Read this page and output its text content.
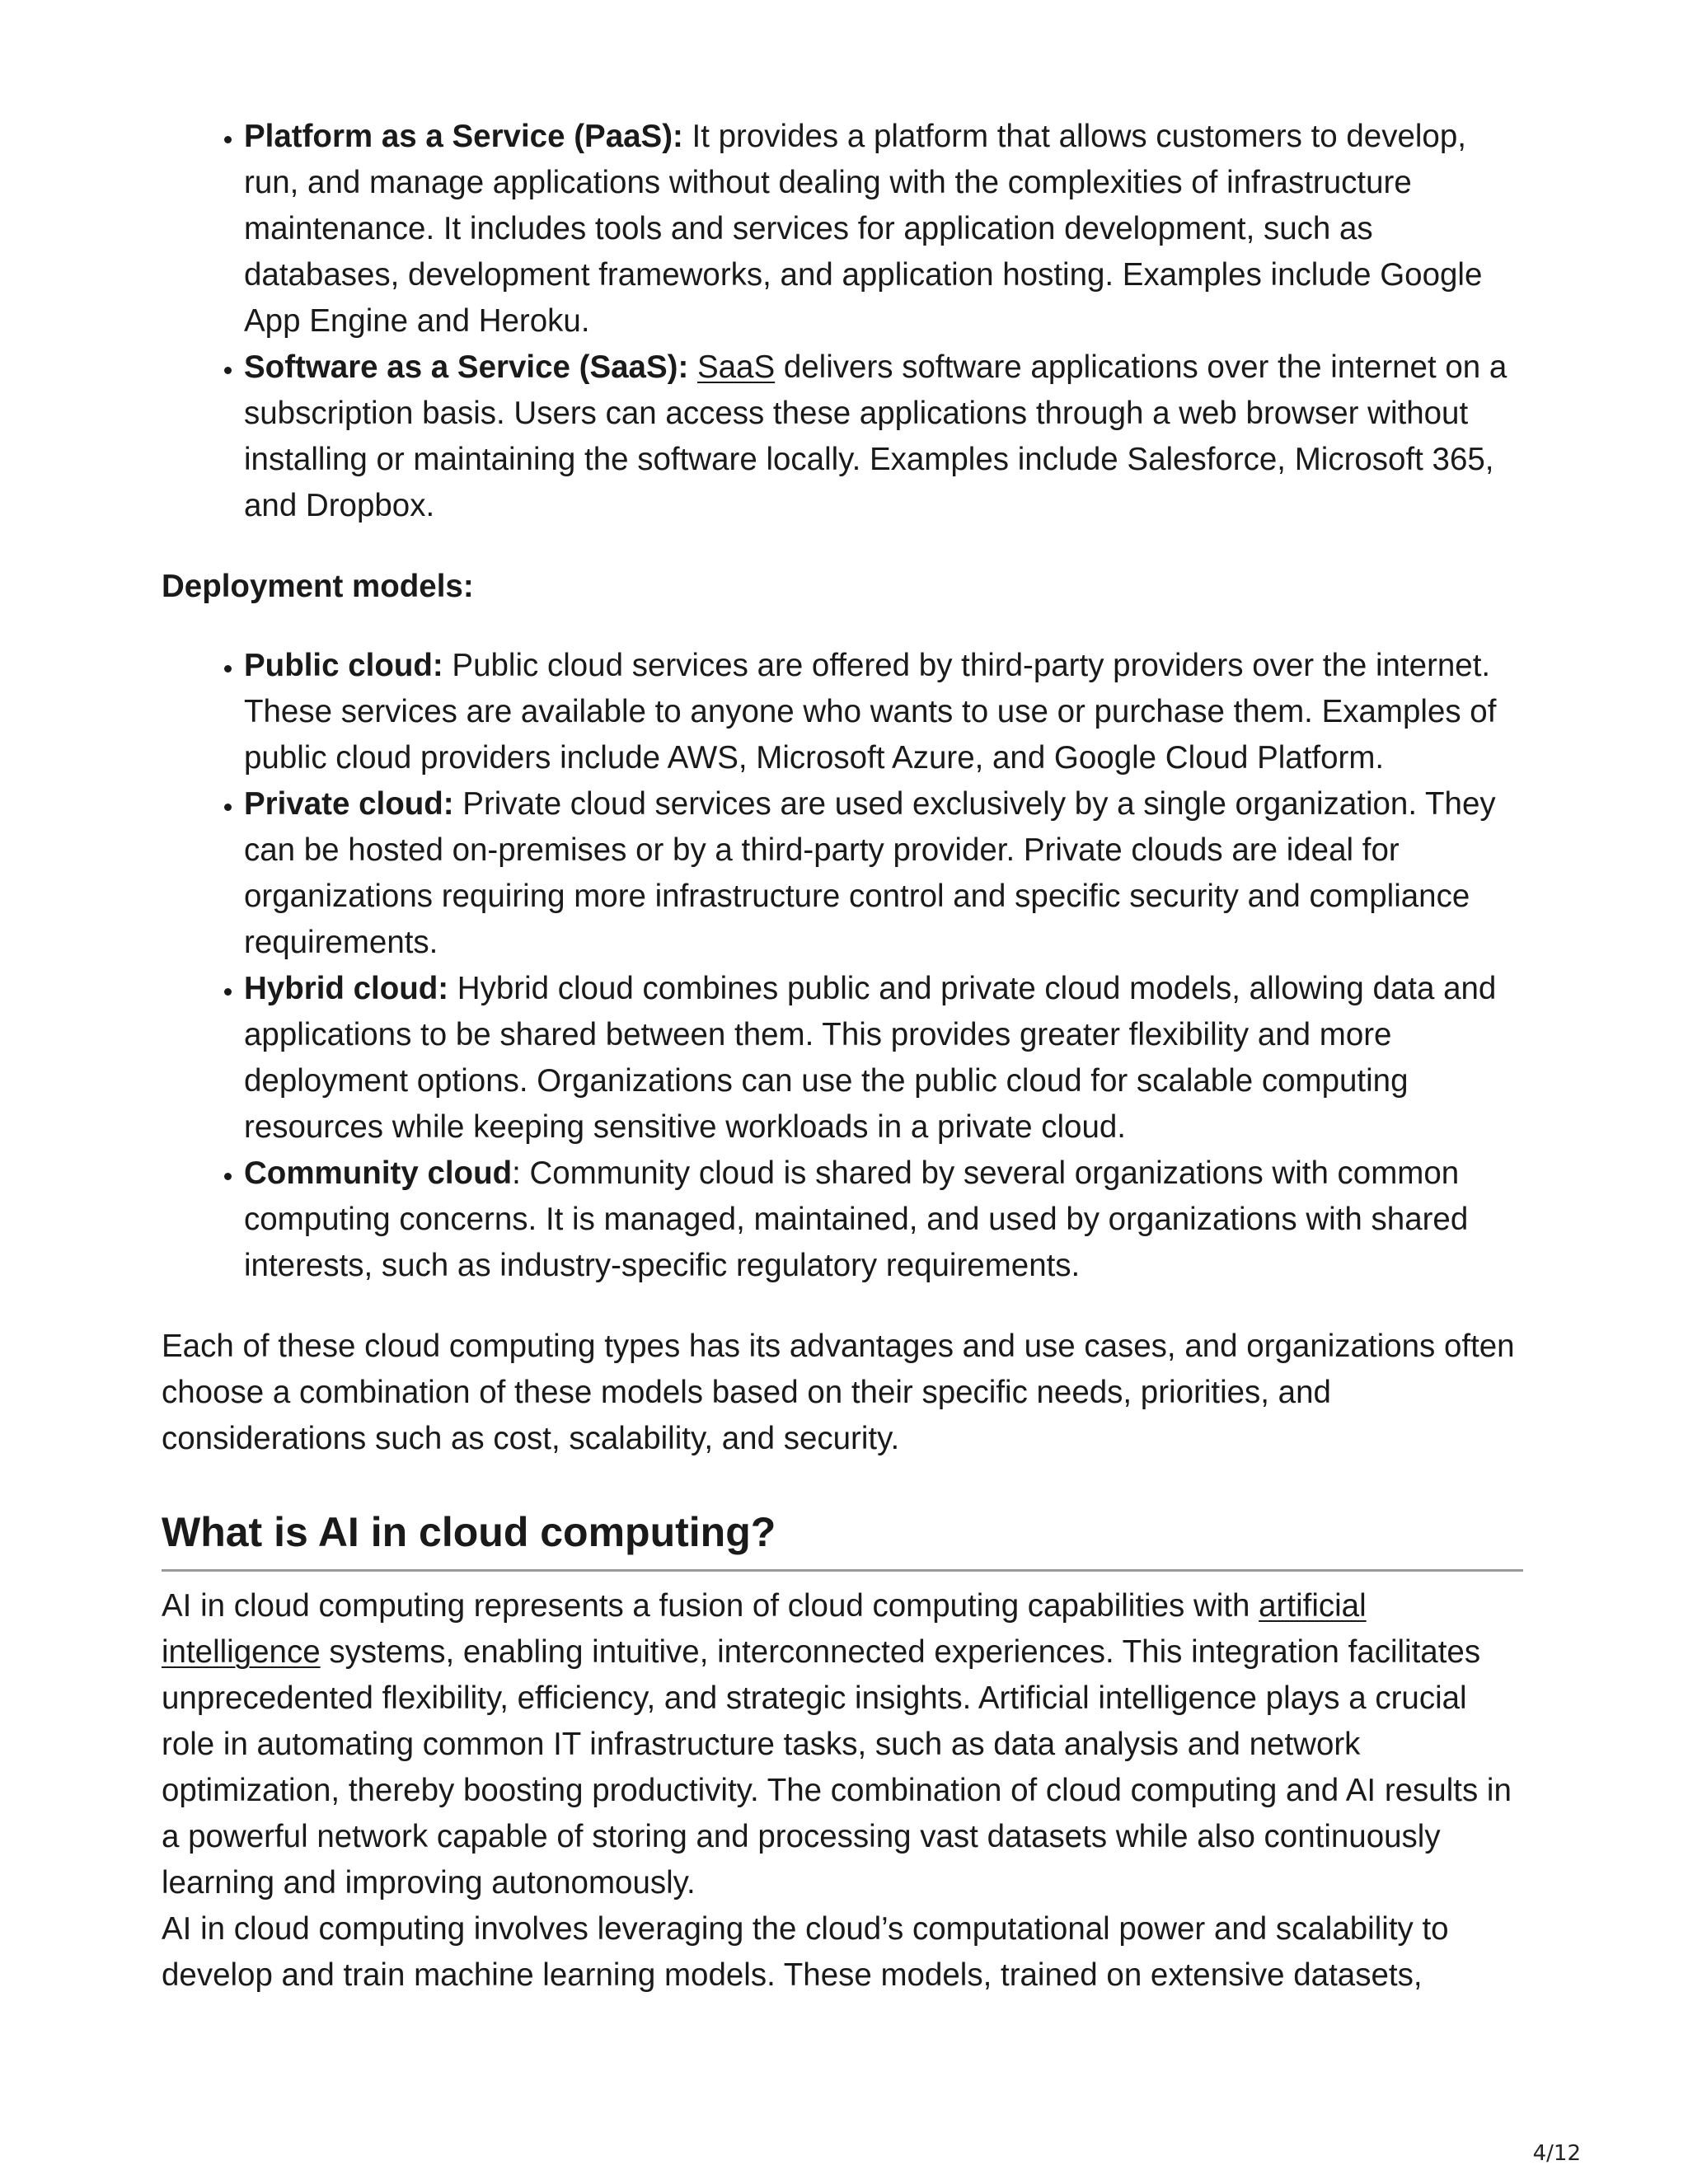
• Platform as a Service (PaaS): It provides a platform that allows customers to develop, run, and manage applications without dealing with the complexities of infrastructure maintenance. It includes tools and services for application development, such as databases, development frameworks, and application hosting. Examples include Google App Engine and Heroku.
• Software as a Service (SaaS): SaaS delivers software applications over the internet on a subscription basis. Users can access these applications through a web browser without installing or maintaining the software locally. Examples include Salesforce, Microsoft 365, and Dropbox.

Deployment models:

• Public cloud: Public cloud services are offered by third-party providers over the internet. These services are available to anyone who wants to use or purchase them. Examples of public cloud providers include AWS, Microsoft Azure, and Google Cloud Platform.
• Private cloud: Private cloud services are used exclusively by a single organization. They can be hosted on-premises or by a third-party provider. Private clouds are ideal for organizations requiring more infrastructure control and specific security and compliance requirements.
• Hybrid cloud: Hybrid cloud combines public and private cloud models, allowing data and applications to be shared between them. This provides greater flexibility and more deployment options. Organizations can use the public cloud for scalable computing resources while keeping sensitive workloads in a private cloud.
• Community cloud: Community cloud is shared by several organizations with common computing concerns. It is managed, maintained, and used by organizations with shared interests, such as industry-specific regulatory requirements.

Each of these cloud computing types has its advantages and use cases, and organizations often choose a combination of these models based on their specific needs, priorities, and considerations such as cost, scalability, and security.

What is AI in cloud computing?

AI in cloud computing represents a fusion of cloud computing capabilities with artificial intelligence systems, enabling intuitive, interconnected experiences. This integration facilitates unprecedented flexibility, efficiency, and strategic insights. Artificial intelligence plays a crucial role in automating common IT infrastructure tasks, such as data analysis and network optimization, thereby boosting productivity. The combination of cloud computing and AI results in a powerful network capable of storing and processing vast datasets while also continuously learning and improving autonomously.

AI in cloud computing involves leveraging the cloud’s computational power and scalability to develop and train machine learning models. These models, trained on extensive datasets,

4/12
